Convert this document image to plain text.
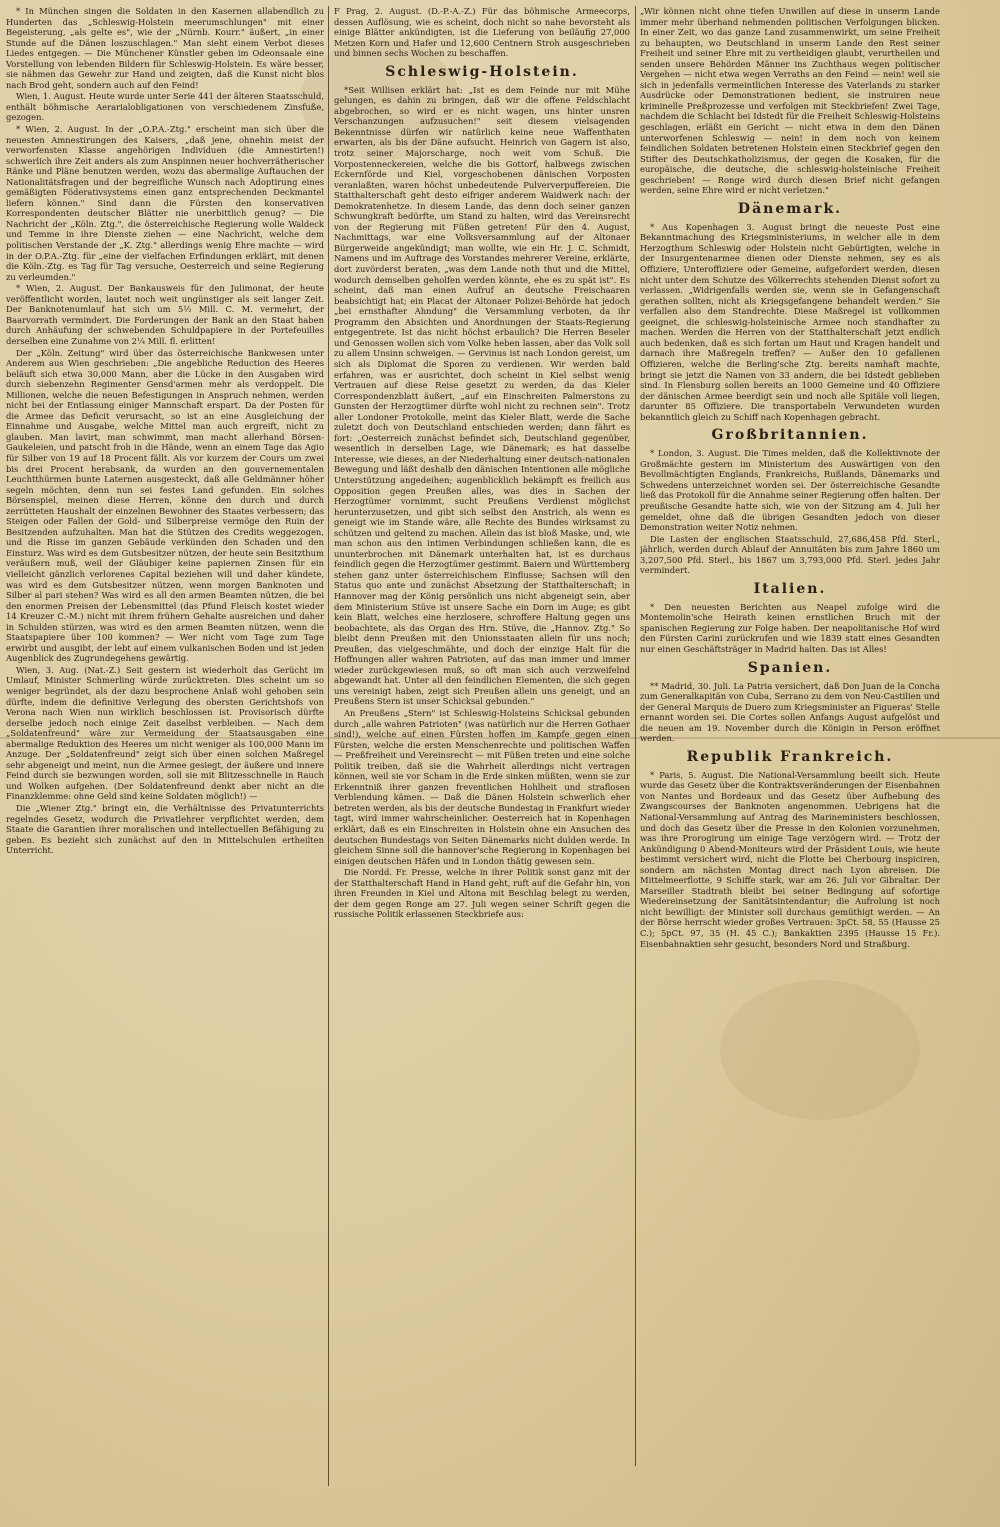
* In München singen die Soldaten in den Kasernen allabendlich zu Hunderten das „Schleswig-Holstein meerumschlungen" mit einer Begeisterung, „als gelte es", wie der „Nürnb. Kourr." äußert, „in einer Stunde auf die Dänen loszuschlagen." Man sieht einem Verbot dieses Liedes entgegen. — Die Münchener Künstler geben im Odeonsaale eine Vorstellung von lebenden Bildern für Schleswig-Holstein. Es wäre besser, sie nähmen das Gewehr zur Hand und zeigten, daß die Kunst nicht blos nach Brod geht, sondern auch auf den Feind!

Wien, 1. August. Heute wurde unter Serie 441 der älteren Staatsschuld, enthält böhmische Aerarialobligationen von verschiedenem Zinsfuße, gezogen.

* Wien, 2. August. In der „O.P.A.-Ztg." erscheint man sich über die neuesten Amnestirungen des Kaisers, „daß jene, ohnehin meist der verworfensten Klasse angehörigen Individuen (die Amnestirten!) schwerlich ihre Zeit anders als zum Anspinnen neuer hochverrätherischer Ränke und Pläne benutzen werden, wozu das abermalige Auftauchen der Nationalitätsfragen und der begreifliche Wunsch nach Adoptirung eines gemäßigten Föderativsystems einen ganz entsprechenden Deckmantel liefern können." Sind dann die Fürsten den konservativen Korrespondenten deutscher Blätter nie unerbittlich genug? — Die Nachricht der „Köln. Ztg.", die österreichische Regierung wolle Waldeck und Temme in ihre Dienste ziehen — eine Nachricht, welche dem politischen Verstande der „K. Ztg." allerdings wenig Ehre machte — wird in der O.P.A.-Ztg. für „eine der vielfachen Erfindungen erklärt, mit denen die Köln.-Ztg. es Tag für Tag versuche, Oesterreich und seine Regierung zu verleumden."

* Wien, 2. August. Der Bankausweis für den Julimonat, der heute veröffentlicht worden, lautet noch weit ungünstiger als seit langer Zeit. Der Banknotenumlauf hat sich um 5½ Mill. C. M. vermehrt, der Baarvorrath vermindert. Die Forderungen der Bank an den Staat haben durch Anhäufung der schwebenden Schuldpapiere in der Portefeuilles derselben eine Zunahme von 2¼ Mill. fl. erlitten!

Der „Köln. Zeitung" wird über das österreichische Bankwesen unter Anderem aus Wien geschrieben: „Die angebliche Reduction des Heeres beläuft sich etwa 30,000 Mann, aber die Lücke in den Ausgaben wird durch siebenzehn Regimenter Gensd'armen mehr als verdoppelt. Die Millionen, welche die neuen Befestigungen in Anspruch nehmen, werden nicht bei der Entlassung einiger Mannschaft erspart. Da der Posten für die Armee das Deficit verursacht, so ist an eine Ausgleichung der Einnahme und Ausgabe, welche Mittel man auch ergreift, nicht zu glauben. Man lavirt, man schwimmt, man macht allerhand Börsen-Gaukeleien, und patscht froh in die Hände, wenn an einem Tage das Agio für Silber von 19 auf 18 Procent fällt. Als vor kurzem der Cours um zwei bis drei Procent herabsank, da wurden an den gouvernementalen Leuchtthürmen bunte Laternen ausgesteckt, daß alle Geldmänner höher segeln möchten, denn nun sei festes Land gefunden. Ein solches Börsenspiel, meinen diese Herren, könne den durch und durch zerrütteten Haushalt der einzelnen Bewohner des Staates verbessern; das Steigen oder Fallen der Gold- und Silberpreise vermöge den Ruin der Besitzenden aufzuhalten. Man hat die Stützen des Credits weggezogen, und die Risse im ganzen Gebäude verkünden den Schaden und den Einsturz. Was wird es dem Gutsbesitzer nützen, der heute sein Besitzthum veräußern muß, weil der Gläubiger keine papiernen Zinsen für ein vielleicht gänzlich verlorenes Capital beziehen will und daher kündete, was wird es dem Gutsbesitzer nützen, wenn morgen Banknoten und Silber al pari stehen? Was wird es all den armen Beamten nützen, die bei den enormen Preisen der Lebensmittel (das Pfund Fleisch kostet wieder 14 Kreuzer C.-M.) nicht mit ihrem frühern Gehalte ausreichen und daher in Schulden stürzen, was wird es den armen Beamten nützen, wenn die Staatspapiere über 100 kommen? — Wer nicht vom Tage zum Tage erwirbt und ausgibt, der lebt auf einem vulkanischen Boden und ist jeden Augenblick des Zugrundegehens gewärtig.

Wien, 3. Aug. (Nat.-Z.) Seit gestern ist wiederholt das Gerücht im Umlauf, Minister Schmerling würde zurücktreten. Dies scheint um so weniger begründet, als der dazu besprochene Anlaß wohl gehoben sein dürfte, indem die definitive Verlegung des obersten Gerichtshofs von Verona nach Wien nun wirklich beschlossen ist. Provisorisch dürfte derselbe jedoch noch einige Zeit daselbst verbleiben. — Nach dem „Soldatenfreund" wäre zur Vermeidung der Staatsausgaben eine abermalige Reduktion des Heeres um nicht weniger als 100,000 Mann im Anzuge. Der „Soldatenfreund" zeigt sich über einen solchen Maßregel sehr abgeneigt und meint, nun die Armee gesiegt, der äußere und innere Feind durch sie bezwungen worden, soll sie mit Blitzesschnelle in Rauch und Wolken aufgehen. (Der Soldatenfreund denkt aber nicht an die Finanzklemme: ohne Geld sind keine Soldaten möglich!) —

Die „Wiener Ztg." bringt ein, die Verhältnisse des Privatunterrichts regelndes Gesetz, wodurch die Privatlehrer verpflichtet werden, dem Staate die Garantien ihrer moralischen und intellectuellen Befähigung zu geben. Es bezieht sich zunächst auf den in Mittelschulen ertheilten Unterricht.

F Prag, 2. August. (D.-P.-A.-Z.) Für das böhmische Armeecorps, dessen Auflösung, wie es scheint, doch nicht so nahe bevorsteht als einige Blätter ankündigten, ist die Lieferung von beiläufig 27,000 Metzen Korn und Hafer und 12,600 Centnern Stroh ausgeschrieben und binnen sechs Wochen zu beschaffen.

Schleswig-Holstein.

*Seit Willisen erklärt hat: „Ist es dem Feinde nur mit Mühe gelungen, es dahin zu bringen, daß wir die offene Feldschlacht abgebrochen, so wird er es nicht wagen, uns hinter unsren Verschanzungen aufzusuchen!" seit diesem vielsagenden Bekenntnisse dürfen wir natürlich keine neue Waffenthaten erwarten, als bis der Däne aufsucht. Heinrich von Gagern ist also, trotz seiner Majorscharge, noch weit vom Schuß. Die Vorpostenneckereien, welche die bis Gottorf, halbwegs zwischen Eckernförde und Kiel, vorgeschobenen dänischen Vorposten veranlaßten, waren höchst unbedeutende Pulververpuffereien. Die Statthalterschaft geht desto eifriger anderem Waidwerk nach: der Demokratenhetze. In diesem Lande, das denn doch seiner ganzen Schwungkraft bedürfte, um Stand zu halten, wird das Vereinsrecht von der Regierung mit Füßen getreten! Für den 4. August, Nachmittags, war eine Volksversammlung auf der Altonaer Bürgerweide angekündigt; man wollte, wie ein Hr. J. C. Schmidt, Namens und im Auftrage des Vorstandes mehrerer Vereine, erklärte, dort zuvörderst beraten, „was dem Lande noth thut und die Mittel, wodurch demselben geholfen werden könnte, ehe es zu spät ist". Es scheint, daß man einen Aufruf an deutsche Freischaaren beabsichtigt hat; ein Placat der Altonaer Polizei-Behörde hat jedoch „bei ernsthafter Ahndung" die Versammlung verboten, da ihr Programm den Absichten und Anordnungen der Staats-Regierung entgegentrete. Ist das nicht höchst erbaulich? Die Herren Beseler und Genossen wollen sich vom Volke heben lassen, aber das Volk soll zu allem Unsinn schweigen. — Gervinus ist nach London gereist, um sich als Diplomat die Sporen zu verdienen. Wir werden bald erfahren, was er ausrichtet, doch scheint in Kiel selbst wenig Vertrauen auf diese Reise gesetzt zu werden, da das Kieler Correspondenzblatt äußert, „auf ein Einschreiten Palmerstons zu Gunsten der Herzogtümer dürfte wohl nicht zu rechnen sein". Trotz aller Londoner Protokolle, meint das Kieler Blatt, werde die Sache zuletzt doch von Deutschland entschieden werden; dann fährt es fort: „Oesterreich zunächst befindet sich, Deutschland gegenüber, wesentlich in derselben Lage, wie Dänemark; es hat dasselbe Interesse, wie dieses, an der Niederhaltung einer deutsch-nationalen Bewegung und läßt deshalb den dänischen Intentionen alle mögliche Unterstützung angedeihen; augenblicklich bekämpft es freilich aus Opposition gegen Preußen alles, was dies in Sachen der Herzogtümer vornimmt, sucht Preußens Verdienst möglichst herunterzusetzen, und gibt sich selbst den Anstrich, als wenn es geneigt wie im Stande wäre, alle Rechte des Bundes wirksamst zu schützen und geltend zu machen. Allein das ist bloß Maske, und, wie man schon aus den intimen Verbindungen schließen kann, die es ununterbrochen mit Dänemark unterhalten hat, ist es durchaus feindlich gegen die Herzogtümer gestimmt. Baiern und Württemberg stehen ganz unter österreichischem Einflusse; Sachsen will den Status quo ante und zunächst Absetzung der Statthalterschaft; in Hannover mag der König persönlich uns nicht abgeneigt sein, aber dem Ministerium Stüve ist unsere Sache ein Dorn im Auge; es gibt kein Blatt, welches eine herzlosere, schroffere Haltung gegen uns beobachtete, als das Organ des Hrn. Stüve, die „Hannov. Ztg." So bleibt denn Preußen mit den Unionsstaaten allein für uns noch; Preußen, das vielgeschmähte, und doch der einzige Halt für die Hoffnungen aller wahren Patrioten, auf das man immer und immer wieder zurückgewiesen muß, so oft man sich auch verzweifelnd abgewandt hat. Unter all den feindlichen Elementen, die sich gegen uns vereinigt haben, zeigt sich Preußen allein uns geneigt, und an Preußens Stern ist unser Schicksal gebunden."

An Preußens „Stern" ist Schleswig-Holsteins Schicksal gebunden durch „alle wahren Patrioten" (was natürlich nur die Herren Gothaer sind!), welche auf einen Fürsten hoffen im Kampfe gegen einen Fürsten, welche die ersten Menschenrechte und politischen Waffen — Preßfreiheit und Vereinsrecht — mit Füßen treten und eine solche Politik treiben, daß sie die Wahrheit allerdings nicht vertragen können, weil sie vor Scham in die Erde sinken müßten, wenn sie zur Erkenntniß ihrer ganzen freventlichen Hohlheit und straflosen Verblendung kämen. — Daß die Dänen Holstein schwerlich eher betreten werden, als bis der deutsche Bundestag in Frankfurt wieder tagt, wird immer wahrscheinlicher. Oesterreich hat in Kopenhagen erklärt, daß es ein Einschreiten in Holstein ohne ein Ansuchen des deutschen Bundestags von Seiten Dänemarks nicht dulden werde. In gleichem Sinne soll die hannover'sche Regierung in Kopenhagen bei einigen deutschen Häfen und in London thätig gewesen sein.

Die Nordd. Fr. Presse, welche in ihrer Politik sonst ganz mit der der Statthalterschaft Hand in Hand geht, ruft auf die Gefahr hin, von ihren Freunden in Kiel und Altona mit Beschlag belegt zu werden, der dem gegen Ronge am 27. Juli wegen seiner Schrift gegen die russische Politik erlassenen Steckbriefe aus:

„Wir können nicht ohne tiefen Unwillen auf diese in unserm Lande immer mehr überhand nehmenden politischen Verfolgungen blicken. In einer Zeit, wo das ganze Land zusammenwirkt, um seine Freiheit zu behaupten, wo Deutschland in unserm Lande den Rest seiner Freiheit und seiner Ehre mit zu vertheidigen glaubt, verurtheilen und senden unsere Behörden Männer ins Zuchthaus wegen politischer Vergehen — nicht etwa wegen Verraths an den Feind — nein! weil sie sich in jedenfalls vermeintlichen Interesse des Vaterlands zu starker Ausdrücke oder Demonstrationen bedient, sie instruiren neue kriminelle Preßprozesse und verfolgen mit Steckbriefen! Zwei Tage, nachdem die Schlacht bei Idstedt für die Freiheit Schleswig-Holsteins geschlagen, erläßt ein Gericht — nicht etwa in dem den Dänen unterworfenen Schleswig — nein! in dem noch von keinem feindlichen Soldaten betretenen Holstein einen Steckbrief gegen den Stifter des Deutschkatholizismus, der gegen die Kosaken, für die europäische, die deutsche, die schleswig-holsteinische Freiheit geschrieben! — Ronge wird durch diesen Brief nicht gefangen werden, seine Ehre wird er nicht verletzen."

Dänemark.

* Aus Kopenhagen 3. August bringt die neueste Post eine Bekanntmachung des Kriegsministeriums, in welcher alle in dem Herzogthum Schleswig oder Holstein nicht Gebürtigten, welche in der Insurgentenarmee dienen oder Dienste nehmen, sey es als Offiziere, Unteroffiziere oder Gemeine, aufgefordert werden, diesen nicht unter dem Schutze des Völkerrechts stehenden Dienst sofort zu verlassen. „Widrigenfalls werden sie, wenn sie in Gefangenschaft gerathen sollten, nicht als Kriegsgefangene behandelt werden." Sie verfallen also dem Standrechte. Diese Maßregel ist vollkommen geeignet, die schleswig-holsteinische Armee noch standhafter zu machen. Werden die Herren von der Statthalterschaft jetzt endlich auch bedenken, daß es sich fortan um Haut und Kragen handelt und darnach ihre Maßregeln treffen? — Außer den 10 gefallenen Offizieren, welche die Berling'sche Ztg. bereits namhaft machte, bringt sie jetzt die Namen von 33 andern, die bei Idstedt geblieben sind. In Flensburg sollen bereits an 1000 Gemeine und 40 Offiziere der dänischen Armee beerdigt sein und noch alle Spitäle voll liegen, darunter 85 Offiziere. Die transportabeln Verwundeten wurden bekanntlich gleich zu Schiff nach Kopenhagen gebracht.

Großbritannien.

* London, 3. August. Die Times melden, daß die Kollektivnote der Großmächte gestern im Ministerium des Auswärtigen von den Bevollmächtigten Englands, Frankreichs, Rußlands, Dänemarks und Schwedens unterzeichnet worden sei. Der österreichische Gesandte ließ das Protokoll für die Annahme seiner Regierung offen halten. Der preußische Gesandte hatte sich, wie von der Sitzung am 4. Juli her gemeldet, ohne daß die übrigen Gesandten jedoch von dieser Demonstration weiter Notiz nehmen.

Die Lasten der englischen Staatsschuld, 27,686,458 Pfd. Sterl., jährlich, werden durch Ablauf der Annuitäten bis zum Jahre 1860 um 3,207,500 Pfd. Sterl., bis 1867 um 3,793,000 Pfd. Sterl. jedes Jahr vermindert.

Italien.

* Den neuesten Berichten aus Neapel zufolge wird die Montemolin'sche Heirath keinen ernstlichen Bruch mit der spanischen Regierung zur Folge haben. Der neapolitanische Hof wird den Fürsten Carini zurückrufen und wie 1839 statt eines Gesandten nur einen Geschäftsträger in Madrid halten. Das ist Alles!

Spanien.

** Madrid, 30. Juli. La Patria versichert, daß Don Juan de la Concha zum Generalkapitän von Cuba, Serrano zu dem von Neu-Castilien und der General Marquis de Duero zum Kriegsminister an Figueras' Stelle ernannt worden sei. Die Cortes sollen Anfangs August aufgelöst und die neuen am 19. November durch die Königin in Person eröffnet werden.

Republik Frankreich.

* Paris, 5. August. Die National-Versammlung beeilt sich. Heute wurde das Gesetz über die Kontraktsveränderungen der Eisenbahnen von Nantes und Bordeaux und das Gesetz über Aufhebung des Zwangscourses der Banknoten angenommen. Uebrigens hat die National-Versammlung auf Antrag des Marineministers beschlossen, und doch das Gesetz über die Presse in den Kolonien vorzunehmen, was ihre Prorogirung um einige Tage verzögern wird. — Trotz der Ankündigung 0 Abend-Moniteurs wird der Präsident Louis, wie heute bestimmt versichert wird, nicht die Flotte bei Cherbourg inspiciren, sondern am nächsten Montag direct nach Lyon abreisen. Die Mittelmeerflotte, 9 Schiffe stark, war am 26. Juli vor Gibraltar. Der Marseiller Stadtrath bleibt bei seiner Bedingung auf sofortige Wiedereinsetzung der Sanitätsintendantur; die Aufrolung ist noch nicht bewilligt: der Minister soll durchaus gemüthigt werden. — An der Börse herrscht wieder großes Vertrauen: 3pCt. 58, 55 (Hausse 25 C.); 5pCt. 97, 35 (H. 45 C.); Bankaktien 2395 (Hausse 15 Fr.). Eisenbahnaktien sehr gesucht, besonders Nord und Straßburg.
